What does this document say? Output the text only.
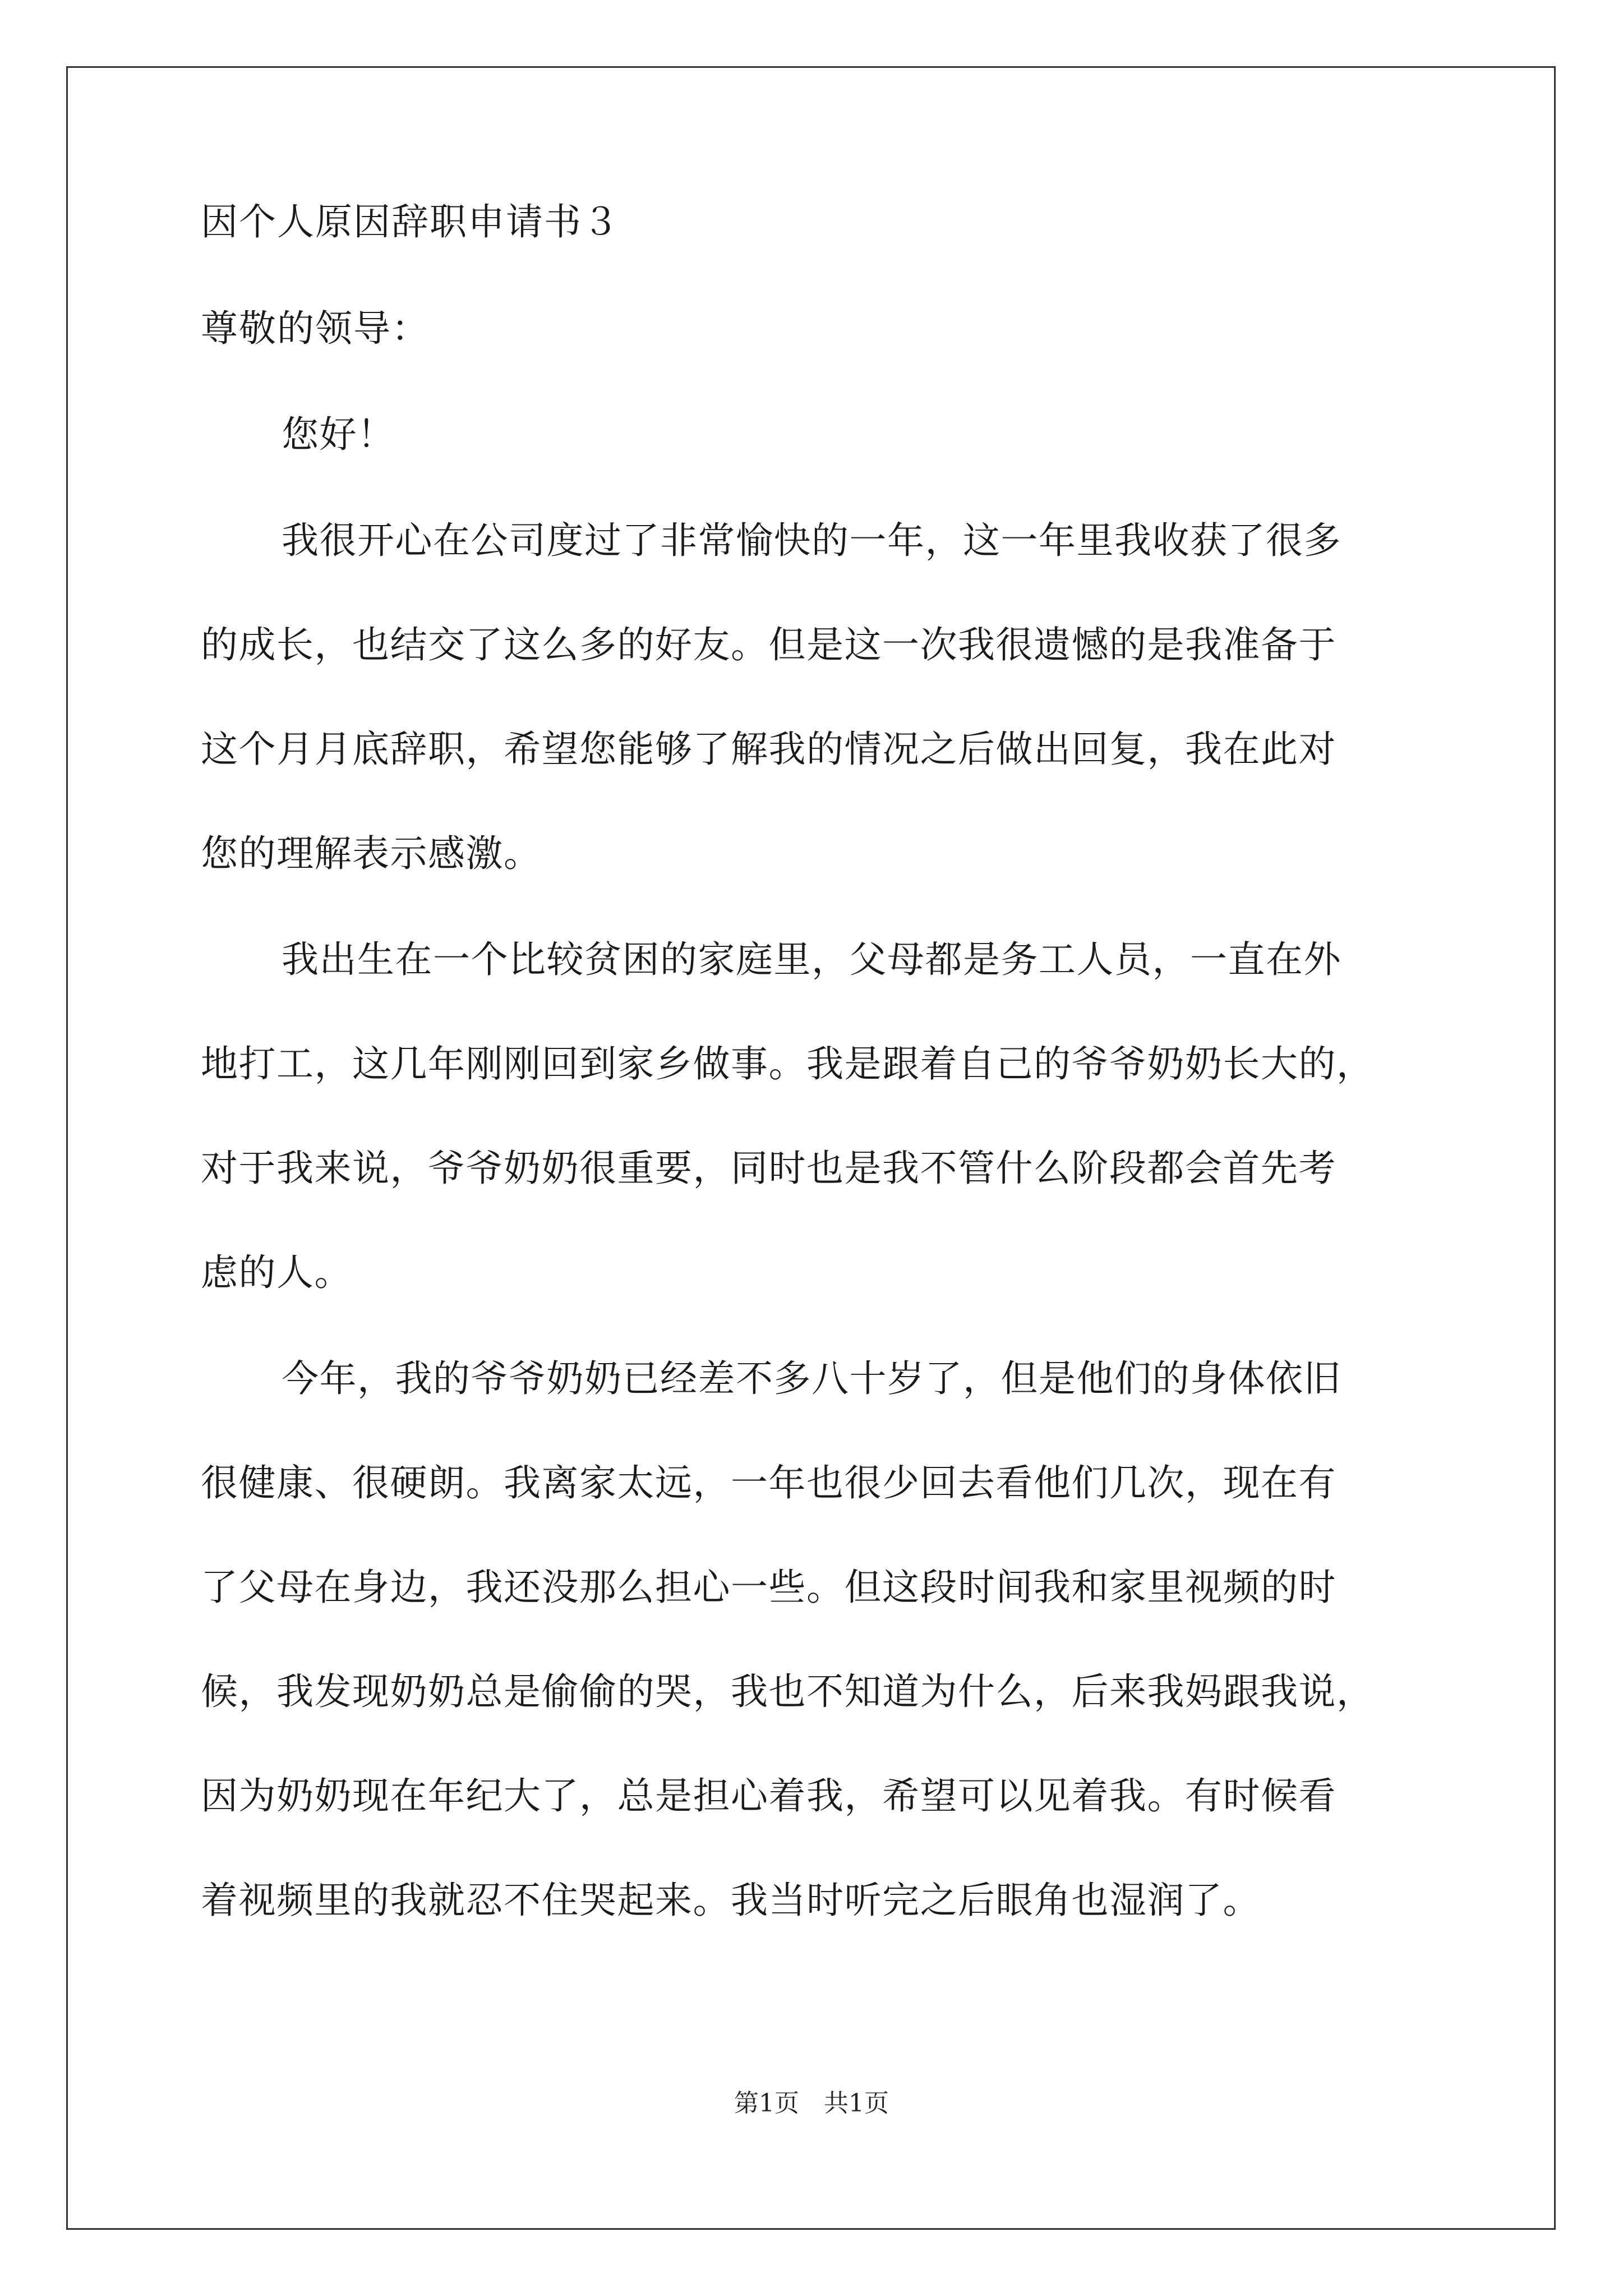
因个人原因辞职申请书３
尊敬的领导：
您好！
我很开心在公司度过了非常愉快的一年，这一年里我收获了很多
的成长，也结交了这么多的好友。但是这一次我很遗憾的是我准备于
这个月月底辞职，希望您能够了解我的情况之后做出回复，我在此对
您的理解表示感激。
我出生在一个比较贫困的家庭里，父母都是务工人员，一直在外
地打工，这几年刚刚回到家乡做事。我是跟着自己的爷爷奶奶长大的，
对于我来说，爷爷奶奶很重要，同时也是我不管什么阶段都会首先考
虑的人。
今年，我的爷爷奶奶已经差不多八十岁了，但是他们的身体依旧
很健康、很硬朗。我离家太远，一年也很少回去看他们几次，现在有
了父母在身边，我还没那么担心一些。但这段时间我和家里视频的时
候，我发现奶奶总是偷偷的哭，我也不知道为什么，后来我妈跟我说，
因为奶奶现在年纪大了，总是担心着我，希望可以见着我。有时候看
着视频里的我就忍不住哭起来。我当时听完之后眼角也湿润了。
第1页　共1页
